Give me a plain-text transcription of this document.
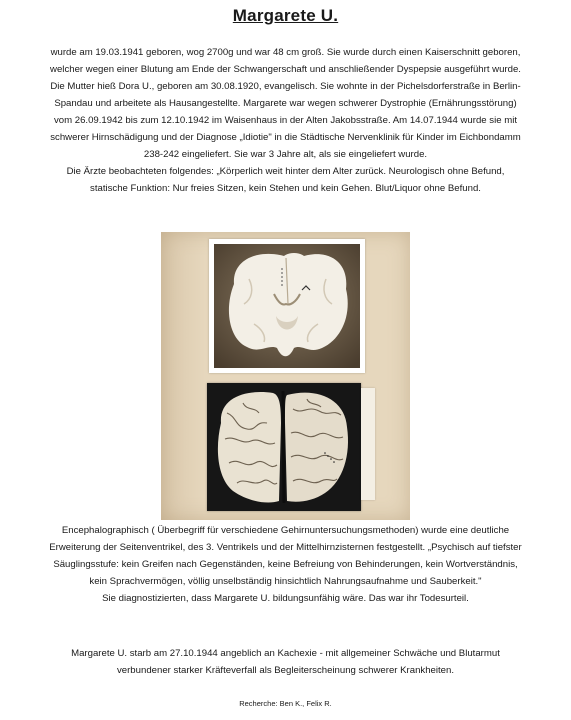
Margarete U.

wurde am 19.03.1941 geboren, wog 2700g und war 48 cm groß. Sie wurde durch einen Kaiserschnitt geboren,

welcher wegen einer Blutung am Ende der Schwangerschaft und anschließender Dyspepsie ausgeführt wurde.

Die Mutter hieß Dora U., geboren am 30.08.1920, evangelisch. Sie wohnte in der Pichelsdorferstraße in Berlin-

Spandau und arbeitete als Hausangestellte. Margarete war wegen schwerer Dystrophie (Ernährungsstörung)

vom 26.09.1942 bis zum 12.10.1942 im Waisenhaus in der Alten Jakobsstraße. Am 14.07.1944 wurde sie mit

schwerer Hirnschädigung und der Diagnose „Idiotie" in die Städtische Nervenklinik für Kinder im Eichbondamm

238-242 eingeliefert. Sie war 3 Jahre alt, als sie eingeliefert wurde.

Die Ärzte beobachteten folgendes: „Körperlich weit hinter dem Alter zurück. Neurologisch ohne Befund,

statische Funktion: Nur freies Sitzen, kein Stehen und kein Gehen. Blut/Liquor ohne Befund.

Encephalographisch ( Überbegriff für verschiedene Gehirnuntersuchungsmethoden) wurde eine deutliche

Erweiterung der Seitenventrikel, des 3. Ventrikels und der Mittelhirnzisternen festgestellt. „Psychisch auf tiefster

Säuglingsstufe: kein Greifen nach Gegenständen, keine Befreiung von Behinderungen, kein Wortverständnis,

kein Sprachvermögen, völlig unselbständig hinsichtlich Nahrungsaufnahme und Sauberkeit."

Sie diagnostizierten, dass Margarete U. bildungsunfähig wäre. Das war ihr Todesurteil.

Margarete U. starb am 27.10.1944 angeblich an Kachexie - mit allgemeiner Schwäche und Blutarmut

verbundener starker Kräfteverfall als Begleiterscheinung schwerer Krankheiten.

Recherche: Ben K., Felix R.
